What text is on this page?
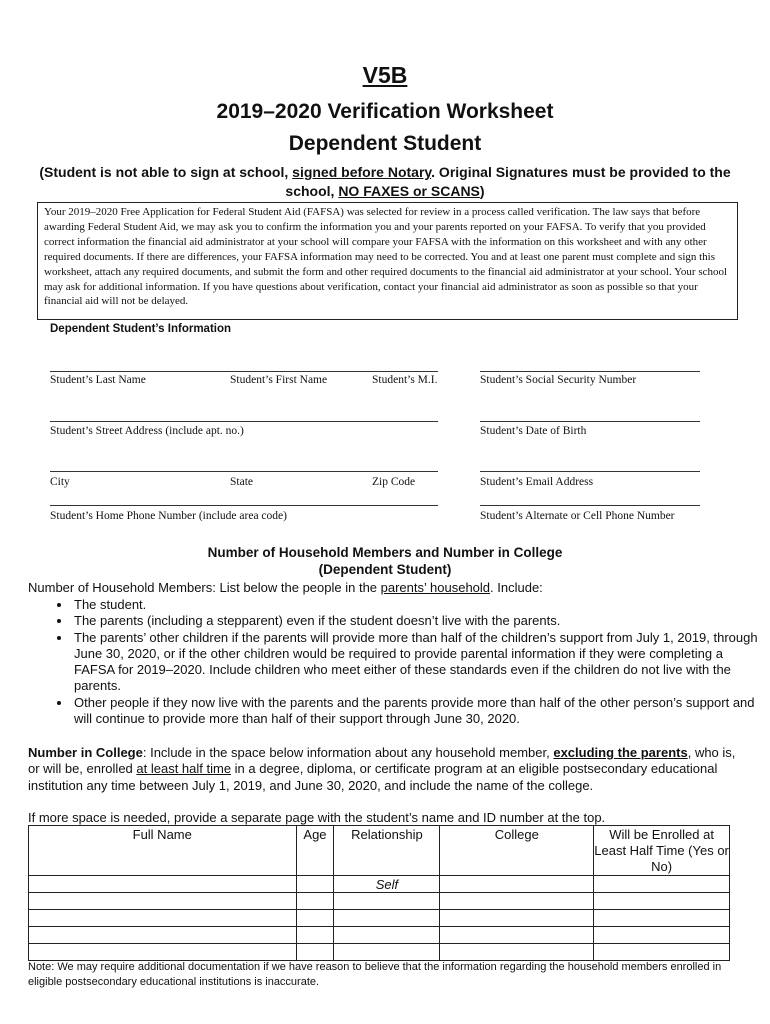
V5B
2019–2020 Verification Worksheet
Dependent Student
(Student is not able to sign at school, signed before Notary. Original Signatures must be provided to the school, NO FAXES or SCANS)
Your 2019–2020 Free Application for Federal Student Aid (FAFSA) was selected for review in a process called verification. The law says that before awarding Federal Student Aid, we may ask you to confirm the information you and your parents reported on your FAFSA. To verify that you provided correct information the financial aid administrator at your school will compare your FAFSA with the information on this worksheet and with any other required documents. If there are differences, your FAFSA information may need to be corrected. You and at least one parent must complete and sign this worksheet, attach any required documents, and submit the form and other required documents to the financial aid administrator at your school. Your school may ask for additional information. If you have questions about verification, contact your financial aid administrator as soon as possible so that your financial aid will not be delayed.
Dependent Student’s Information
Student’s Last Name	Student’s First Name	Student’s M.I.	Student’s Social Security Number
Student’s Street Address (include apt. no.)	Student’s Date of Birth
City	State	Zip Code	Student’s Email Address
Student’s Home Phone Number (include area code)	Student’s Alternate or Cell Phone Number
Number of Household Members and Number in College
(Dependent Student)
Number of Household Members: List below the people in the parents’ household. Include:
• The student.
• The parents (including a stepparent) even if the student doesn’t live with the parents.
• The parents’ other children if the parents will provide more than half of the children’s support from July 1, 2019, through June 30, 2020, or if the other children would be required to provide parental information if they were completing a FAFSA for 2019–2020. Include children who meet either of these standards even if the children do not live with the parents.
• Other people if they now live with the parents and the parents provide more than half of the other person’s support and will continue to provide more than half of their support through June 30, 2020.
Number in College: Include in the space below information about any household member, excluding the parents, who is, or will be, enrolled at least half time in a degree, diploma, or certificate program at an eligible postsecondary educational institution any time between July 1, 2019, and June 30, 2020, and include the name of the college.
If more space is needed, provide a separate page with the student’s name and ID number at the top.
Full Name	Age	Relationship	College	Will be Enrolled at Least Half Time (Yes or No)
		Self		

Note: We may require additional documentation if we have reason to believe that the information regarding the household members enrolled in eligible postsecondary educational institutions is inaccurate.
